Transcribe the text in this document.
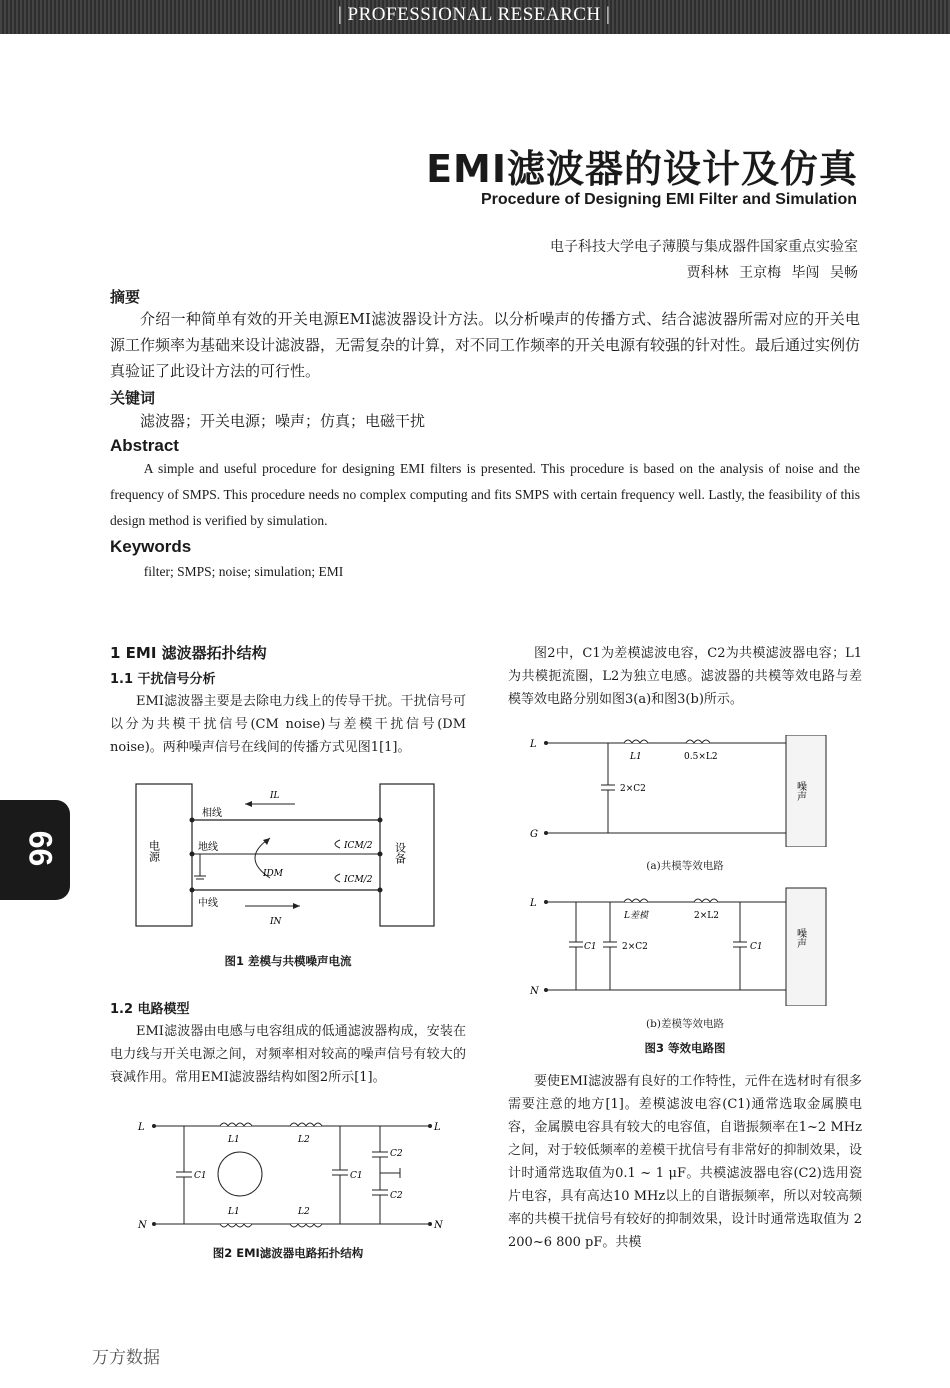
| PROFESSIONAL RESEARCH |
66
EMI滤波器的设计及仿真
Procedure of Designing EMI Filter and Simulation
电子科技大学电子薄膜与集成器件国家重点实验室
贾科林 王京梅 毕闯 吴畅
摘要
介绍一种简单有效的开关电源EMI滤波器设计方法。以分析噪声的传播方式、结合滤波器所需对应的开关电源工作频率为基础来设计滤波器，无需复杂的计算，对不同工作频率的开关电源有较强的针对性。最后通过实例仿真验证了此设计方法的可行性。
关键词
滤波器；开关电源；噪声；仿真；电磁干扰
Abstract
A simple and useful procedure for designing EMI filters is presented. This procedure is based on the analysis of noise and the frequency of SMPS. This procedure needs no complex computing and fits SMPS with certain frequency well. Lastly, the feasibility of this design method is verified by simulation.
Keywords
filter; SMPS; noise; simulation; EMI
1 EMI 滤波器拓扑结构
1.1 干扰信号分析
EMI滤波器主要是去除电力线上的传导干扰。干扰信号可以分为共模干扰信号(CM noise)与差模干扰信号(DM noise)。两种噪声信号在线间的传播方式见图1[1]。
电源	设备
相线
地线
中线
IL
IN
IDM
ICM/2
ICM/2
图1 差模与共模噪声电流
1.2 电路模型
EMI滤波器由电感与电容组成的低通滤波器构成，安装在电力线与开关电源之间，对频率相对较高的噪声信号有较大的衰减作用。常用EMI滤波器结构如图2所示[1]。
L	L
N	N
L1	L2
L1	L2
C1	C1
C2
C2
图2 EMI滤波器电路拓扑结构
图2中，C1为差模滤波电容，C2为共模滤波器电容；L1为共模扼流圈，L2为独立电感。滤波器的共模等效电路与差模等效电路分别如图3(a)和图3(b)所示。
L
G
L1	0.5×L2
2×C2	噪声
(a)共模等效电路
L
N
L差模	2×L2
C1	2×C2	C1	噪声
(b)差模等效电路
图3 等效电路图
要使EMI滤波器有良好的工作特性，元件在选材时有很多需要注意的地方[1]。差模滤波电容(C1)通常选取金属膜电容，金属膜电容具有较大的电容值，自谐振频率在1~2 MHz之间，对于较低频率的差模干扰信号有非常好的抑制效果，设计时通常选取值为0.1 ~ 1 μF。共模滤波器电容(C2)选用瓷片电容，具有高达10 MHz以上的自谐振频率，所以对较高频率的共模干扰信号有较好的抑制效果，设计时通常选取值为 2 200~6 800 pF。共模
万方数据
